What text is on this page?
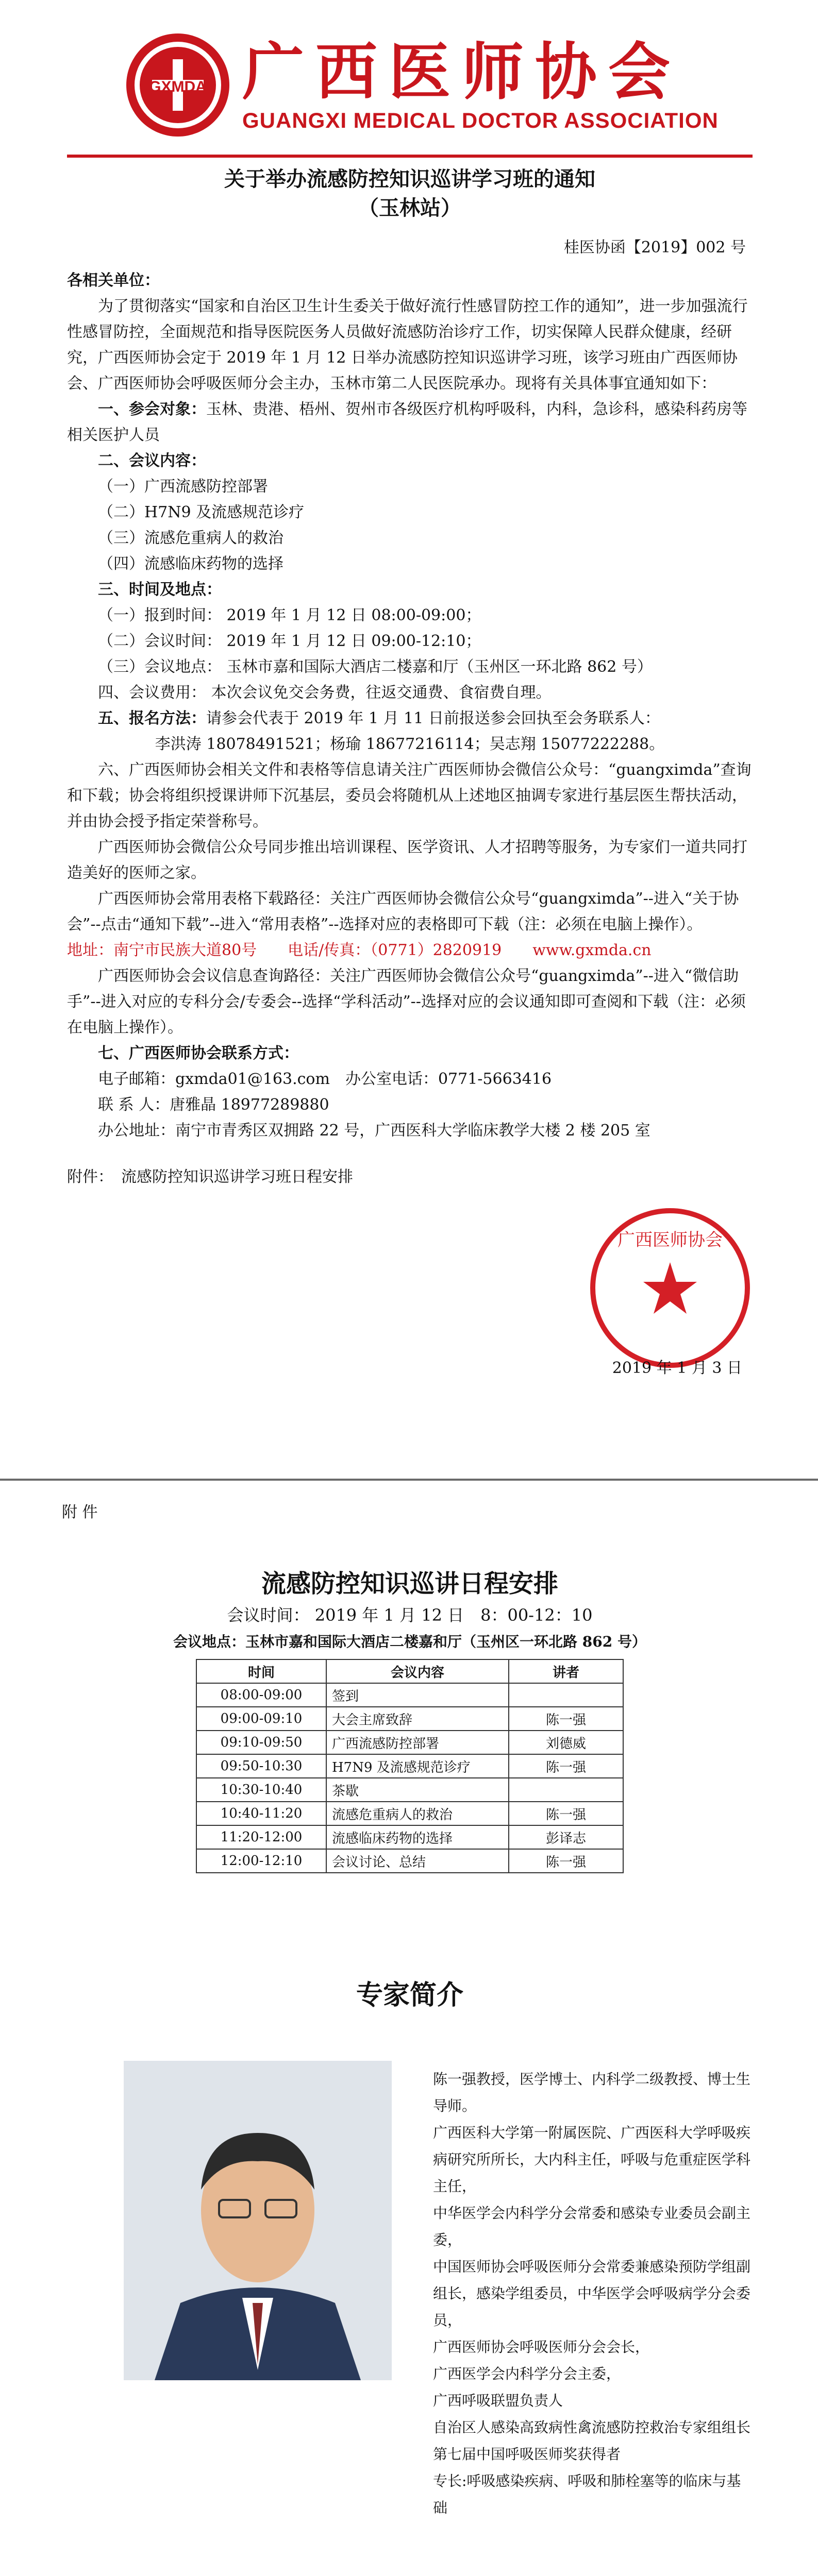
GXMDA 广西医师协会
GUANGXI MEDICAL DOCTOR ASSOCIATION
关于举办流感防控知识巡讲学习班的通知
（玉林站）
桂医协函【2019】002 号

各相关单位：

为了贯彻落实“国家和自治区卫生计生委关于做好流行性感冒防控工作的通知”，进一步加强流行性感冒防控，全面规范和指导医院医务人员做好流感防治诊疗工作，切实保障人民群众健康，经研究，广西医师协会定于 2019 年 1 月 12 日举办流感防控知识巡讲学习班，该学习班由广西医师协会、广西医师协会呼吸医师分会主办，玉林市第二人民医院承办。现将有关具体事宜通知如下：

一、参会对象：玉林、贵港、梧州、贺州市各级医疗机构呼吸科，内科，急诊科，感染科药房等相关医护人员

二、会议内容：

（一）广西流感防控部署

（二）H7N9 及流感规范诊疗

（三）流感危重病人的救治

（四）流感临床药物的选择

三、时间及地点：

（一）报到时间： 2019 年 1 月 12 日 08:00-09:00；

（二）会议时间： 2019 年 1 月 12 日 09:00-12:10；

（三）会议地点： 玉林市嘉和国际大酒店二楼嘉和厅（玉州区一环北路 862 号）

四、会议费用： 本次会议免交会务费，往返交通费、食宿费自理。

五、报名方法：请参会代表于 2019 年 1 月 11 日前报送参会回执至会务联系人：

李洪涛 18078491521；杨瑜 18677216114；吴志翔 15077222288。

六、广西医师协会相关文件和表格等信息请关注广西医师协会微信公众号：“guangximda”查询和下载；协会将组织授课讲师下沉基层，委员会将随机从上述地区抽调专家进行基层医生帮扶活动，并由协会授予指定荣誉称号。

广西医师协会微信公众号同步推出培训课程、医学资讯、人才招聘等服务，为专家们一道共同打造美好的医师之家。

广西医师协会常用表格下载路径：关注广西医师协会微信公众号“guangximda”--进入“关于协会”--点击“通知下载”--进入“常用表格”--选择对应的表格即可下载（注：必须在电脑上操作）。

地址：南宁市民族大道80号　　电话/传真：（0771）2820919　　www.gxmda.cn

广西医师协会会议信息查询路径：关注广西医师协会微信公众号“guangximda”--进入“微信助手”--进入对应的专科分会/专委会--选择“学科活动”--选择对应的会议通知即可查阅和下载（注：必须在电脑上操作）。

七、广西医师协会联系方式：

电子邮箱：gxmda01@163.com　办公室电话：0771-5663416

联 系 人：唐雅晶 18977289880

办公地址：南宁市青秀区双拥路 22 号，广西医科大学临床教学大楼 2 楼 205 室

附件：　流感防控知识巡讲学习班日程安排

广西医师协会
2019 年 1 月 3 日
附 件
流感防控知识巡讲日程安排
会议时间： 2019 年 1 月 12 日　8：00-12：10
会议地点：玉林市嘉和国际大酒店二楼嘉和厅（玉州区一环北路 862 号）
时间	会议内容	讲者
08:00-09:00	签到	
09:00-09:10	大会主席致辞	陈一强
09:10-09:50	广西流感防控部署	刘德威
09:50-10:30	H7N9 及流感规范诊疗	陈一强
10:30-10:40	茶歇	
10:40-11:20	流感危重病人的救治	陈一强
11:20-12:00	流感临床药物的选择	彭译志
12:00-12:10	会议讨论、总结	陈一强
专家简介

陈一强教授，医学博士、内科学二级教授、博士生导师。

广西医科大学第一附属医院、广西医科大学呼吸疾病研究所所长，大内科主任，呼吸与危重症医学科主任，

中华医学会内科学分会常委和感染专业委员会副主委，

中国医师协会呼吸医师分会常委兼感染预防学组副组长，感染学组委员，中华医学会呼吸病学分会委员，

广西医师协会呼吸医师分会会长，

广西医学会内科学分会主委，

广西呼吸联盟负责人

自治区人感染高致病性禽流感防控救治专家组组长

第七届中国呼吸医师奖获得者

专长:呼吸感染疾病、呼吸和肺栓塞等的临床与基础
